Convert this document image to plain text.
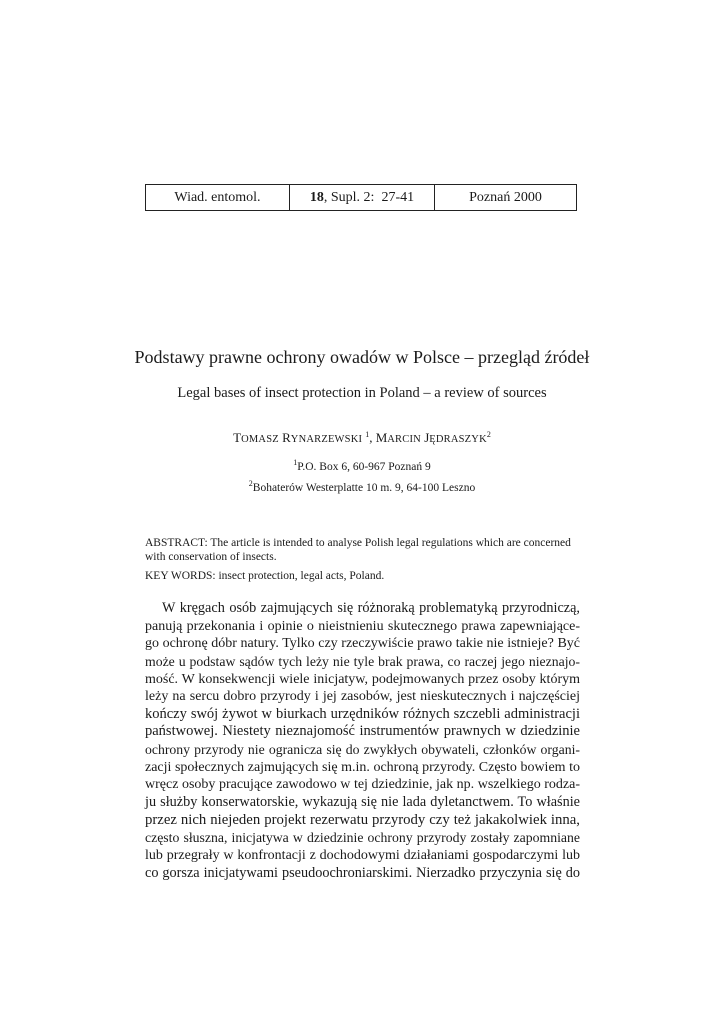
Wiad. entomol.	18 , Supl. 2:  27-41	Poznań 2000
Podstawy prawne ochrony owadów w Polsce – przegląd źródeł
Legal bases of insect protection in Poland – a review of sources
TOMASZ RYNARZEWSKI $^1$, MARCIN JĘDRASZYK$^2$
$^1$P.O. Box 6, 60-967 Poznań 9
$^2$Bohaterów Westerplatte 10 m. 9, 64-100 Leszno
ABSTRACT: The article is intended to analyse Polish legal regulations which are concerned
with conservation of insects.
KEY WORDS: insect protection, legal acts, Poland.
W kręgach osób zajmujących się różnoraką problematyką przyrodniczą,
panują przekonania i opinie o nieistnieniu skutecznego prawa zapewniające-
go ochronę dóbr natury. Tylko czy rzeczywiście prawo takie nie istnieje? Być
może u podstaw sądów tych leży nie tyle brak prawa, co raczej jego nieznajo-
mość. W konsekwencji wiele inicjatyw, podejmowanych przez osoby którym
leży na sercu dobro przyrody i jej zasobów, jest nieskutecznych i najczęściej
kończy swój żywot w biurkach urzędników różnych szczebli administracji
państwowej. Niestety nieznajomość instrumentów prawnych w dziedzinie
ochrony przyrody nie ogranicza się do zwykłych obywateli, członków organi-
zacji społecznych zajmujących się m.in. ochroną przyrody. Często bowiem to
wręcz osoby pracujące zawodowo w tej dziedzinie, jak np. wszelkiego rodza-
ju służby konserwatorskie, wykazują się nie lada dyletanctwem. To właśnie
przez nich niejeden projekt rezerwatu przyrody czy też jakakolwiek inna,
często słuszna, inicjatywa w dziedzinie ochrony przyrody zostały zapomniane
lub przegrały w konfrontacji z dochodowymi działaniami gospodarczymi lub
co gorsza inicjatywami pseudoochroniarskimi. Nierzadko przyczynia się do
